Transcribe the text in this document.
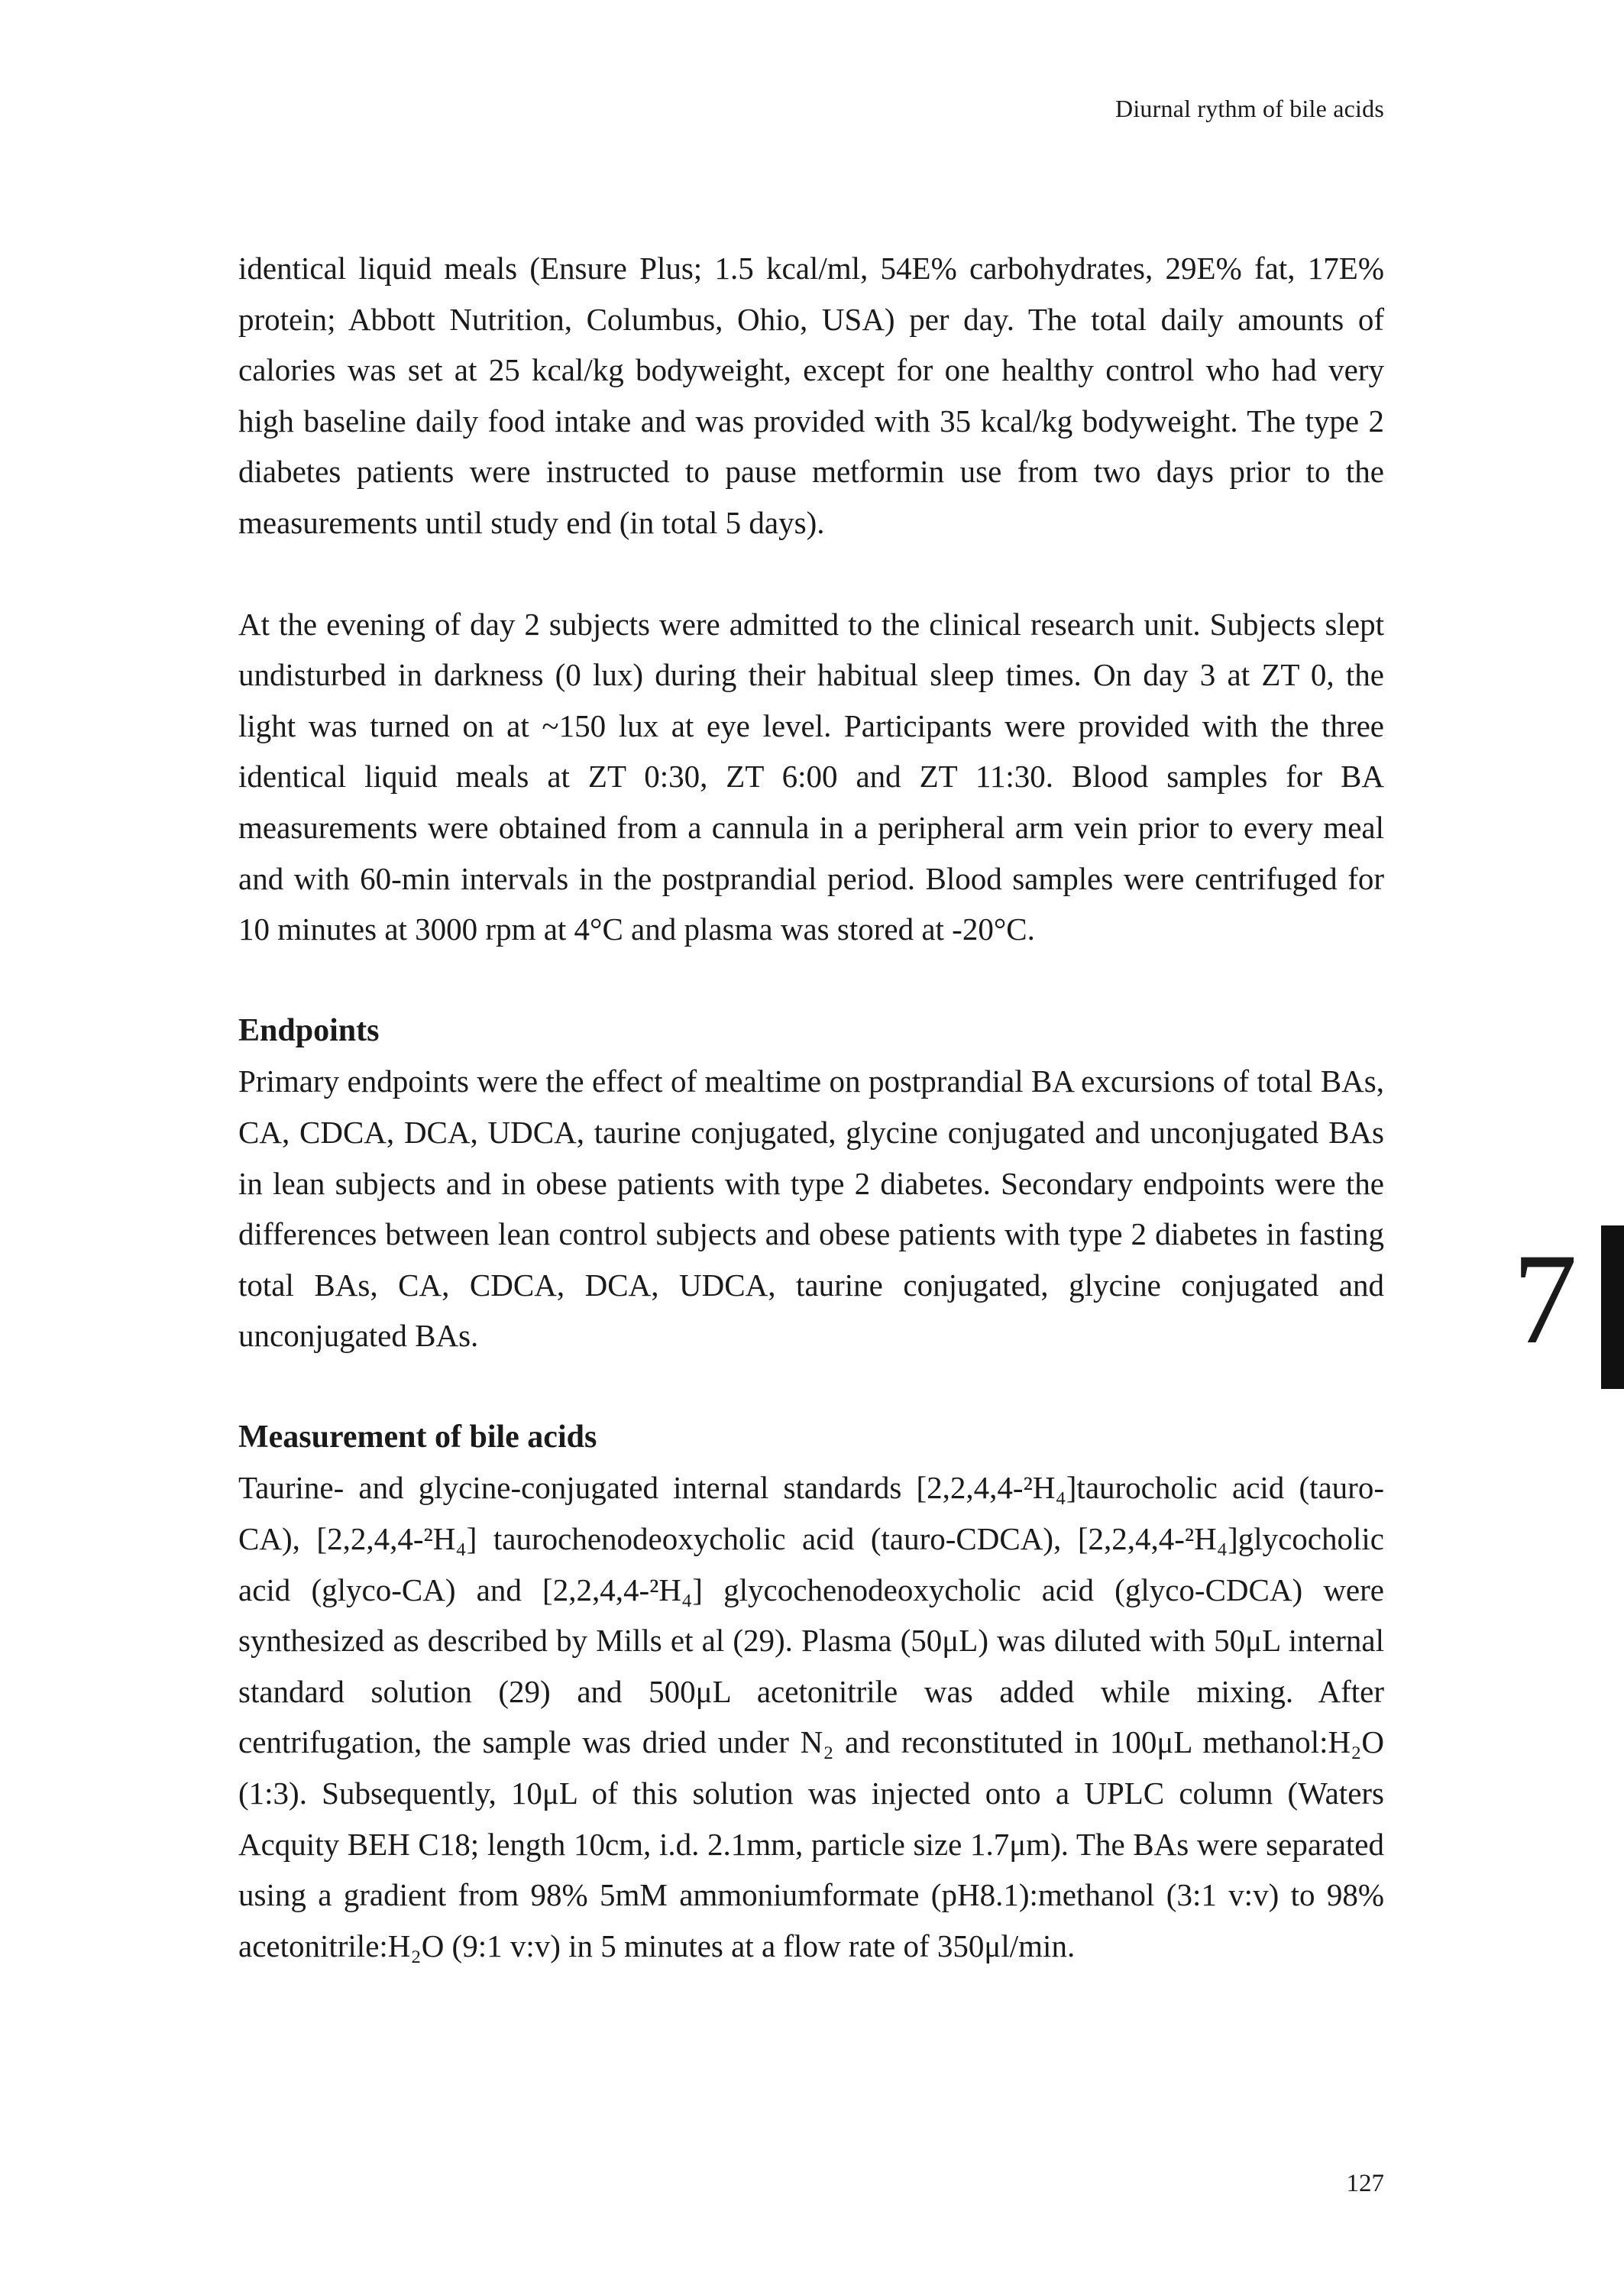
Diurnal rythm of bile acids

identical liquid meals (Ensure Plus; 1.5 kcal/ml, 54E% carbohydrates, 29E% fat, 17E% protein; Abbott Nutrition, Columbus, Ohio, USA) per day. The total daily amounts of calories was set at 25 kcal/kg bodyweight, except for one healthy control who had very high baseline daily food intake and was provided with 35 kcal/kg bodyweight. The type 2 diabetes patients were instructed to pause metformin use from two days prior to the measurements until study end (in total 5 days).

At the evening of day 2 subjects were admitted to the clinical research unit. Subjects slept undisturbed in darkness (0 lux) during their habitual sleep times. On day 3 at ZT 0, the light was turned on at ~150 lux at eye level. Participants were provided with the three identical liquid meals at ZT 0:30, ZT 6:00 and ZT 11:30. Blood samples for BA measurements were obtained from a cannula in a peripheral arm vein prior to every meal and with 60-min intervals in the postprandial period. Blood samples were centrifuged for 10 minutes at 3000 rpm at 4°C and plasma was stored at -20°C.

Endpoints

Primary endpoints were the effect of mealtime on postprandial BA excursions of total BAs, CA, CDCA, DCA, UDCA, taurine conjugated, glycine conjugated and unconjugated BAs in lean subjects and in obese patients with type 2 diabetes. Secondary endpoints were the differences between lean control subjects and obese patients with type 2 diabetes in fasting total BAs, CA, CDCA, DCA, UDCA, taurine conjugated, glycine conjugated and unconjugated BAs.

Measurement of bile acids

Taurine- and glycine-conjugated internal standards [2,2,4,4-²H₄]taurocholic acid (tauro-CA), [2,2,4,4-²H₄] taurochenodeoxycholic acid (tauro-CDCA), [2,2,4,4-²H₄]glycocholic acid (glyco-CA) and [2,2,4,4-²H₄] glycochenodeoxycholic acid (glyco-CDCA) were synthesized as described by Mills et al (29). Plasma (50μL) was diluted with 50μL internal standard solution (29) and 500μL acetonitrile was added while mixing. After centrifugation, the sample was dried under N₂ and reconstituted in 100μL methanol:H₂O (1:3). Subsequently, 10μL of this solution was injected onto a UPLC column (Waters Acquity BEH C18; length 10cm, i.d. 2.1mm, particle size 1.7μm). The BAs were separated using a gradient from 98% 5mM ammoniumformate (pH8.1):methanol (3:1 v:v) to 98% acetonitrile:H₂O (9:1 v:v) in 5 minutes at a flow rate of 350μl/min.

7
127
